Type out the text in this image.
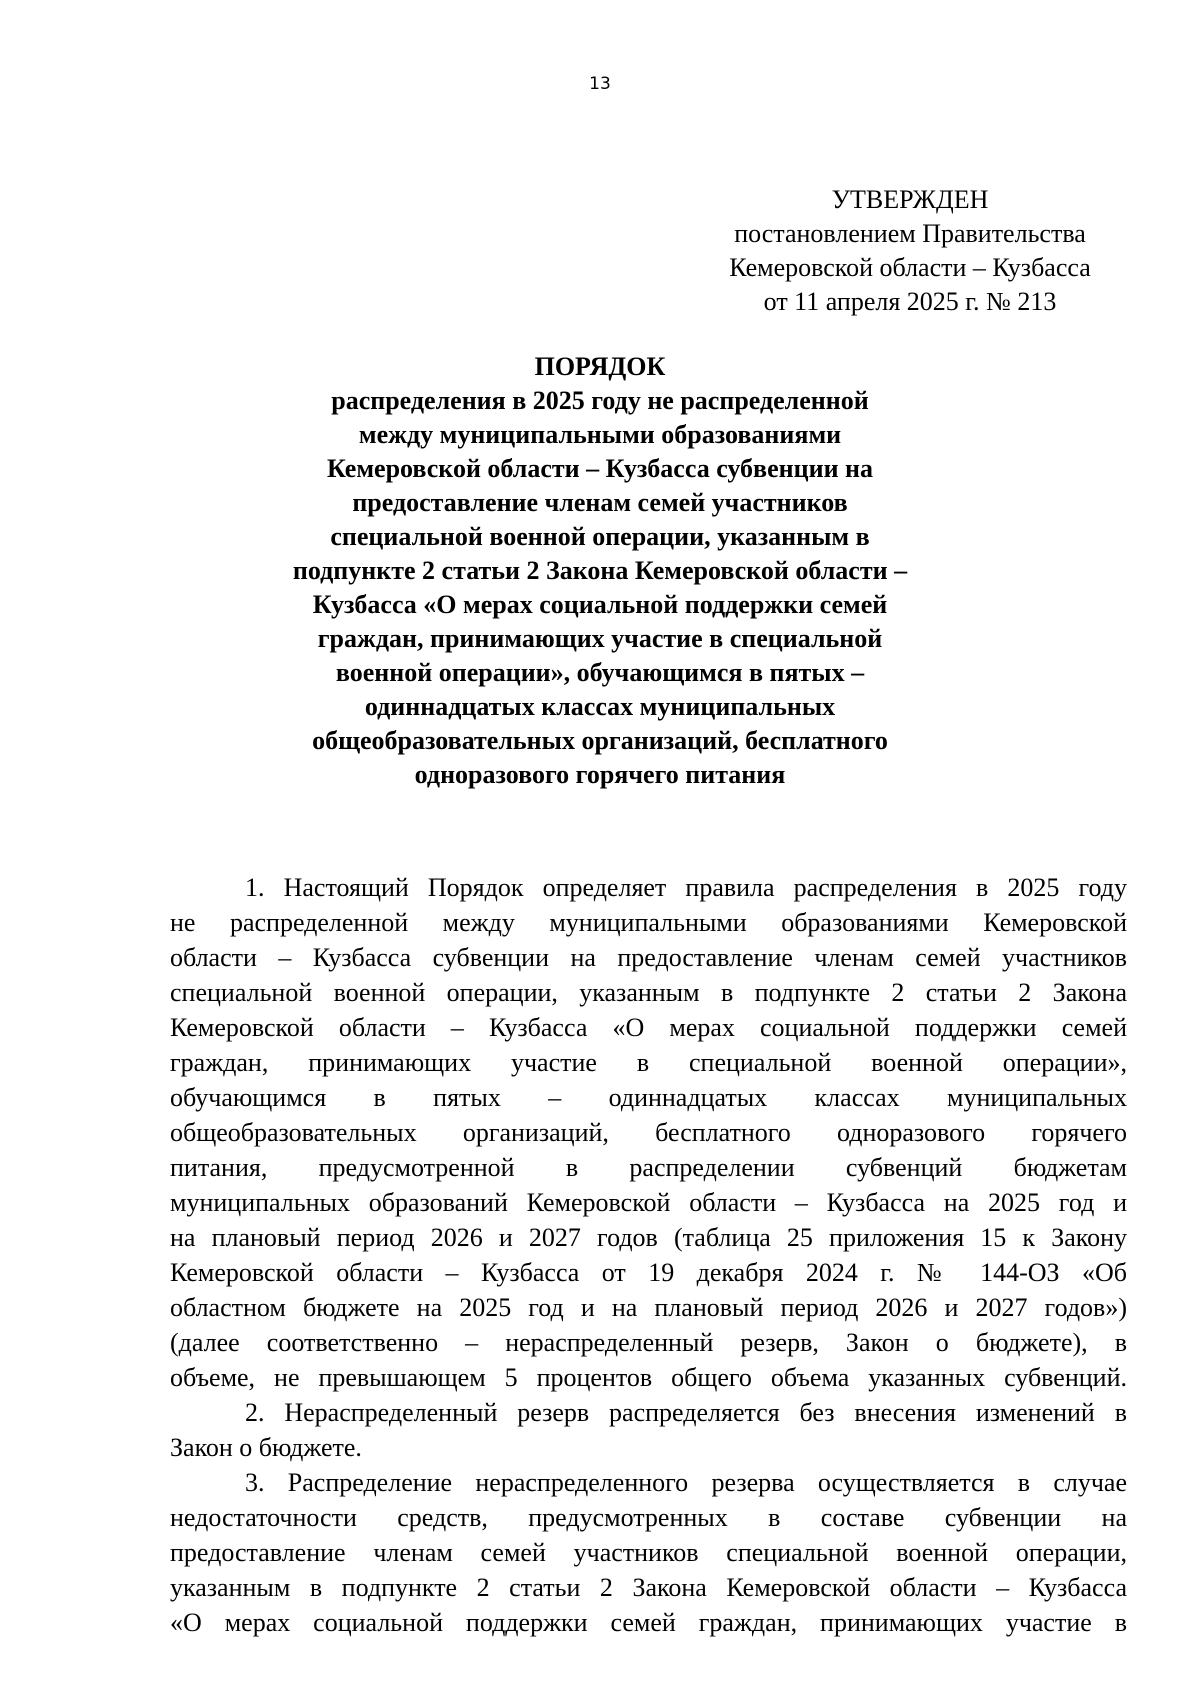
13
УТВЕРЖДЕН
постановлением Правительства
Кемеровской области – Кузбасса
от 11 апреля 2025 г. № 213
ПОРЯДОК
распределения в 2025 году не распределенной
между муниципальными образованиями
Кемеровской области – Кузбасса субвенции на
предоставление членам семей участников
специальной военной операции, указанным в
подпункте 2 статьи 2 Закона Кемеровской области –
Кузбасса «О мерах социальной поддержки семей
граждан, принимающих участие в специальной
военной операции», обучающимся в пятых –
одиннадцатых классах муниципальных
общеобразовательных организаций, бесплатного
одноразового горячего питания
1. Настоящий Порядок определяет правила распределения в 2025 году
не распределенной между муниципальными образованиями Кемеровской
области – Кузбасса субвенции на предоставление членам семей участников
специальной военной операции, указанным в подпункте 2 статьи 2 Закона
Кемеровской области – Кузбасса «О мерах социальной поддержки семей
граждан, принимающих участие в специальной военной операции»,
обучающимся в пятых – одиннадцатых классах муниципальных
общеобразовательных организаций, бесплатного одноразового горячего
питания, предусмотренной в распределении субвенций бюджетам
муниципальных образований Кемеровской области – Кузбасса на 2025 год и
на плановый период 2026 и 2027 годов (таблица 25 приложения 15 к Закону
Кемеровской области – Кузбасса от 19 декабря 2024 г. № 144-ОЗ «Об
областном бюджете на 2025 год и на плановый период 2026 и 2027 годов»)
(далее соответственно – нераспределенный резерв, Закон о бюджете), в
объеме, не превышающем 5 процентов общего объема указанных субвенций.
2. Нераспределенный резерв распределяется без внесения изменений в
Закон о бюджете.
3. Распределение нераспределенного резерва осуществляется в случае
недостаточности средств, предусмотренных в составе субвенции на
предоставление членам семей участников специальной военной операции,
указанным в подпункте 2 статьи 2 Закона Кемеровской области – Кузбасса
«О мерах социальной поддержки семей граждан, принимающих участие в
